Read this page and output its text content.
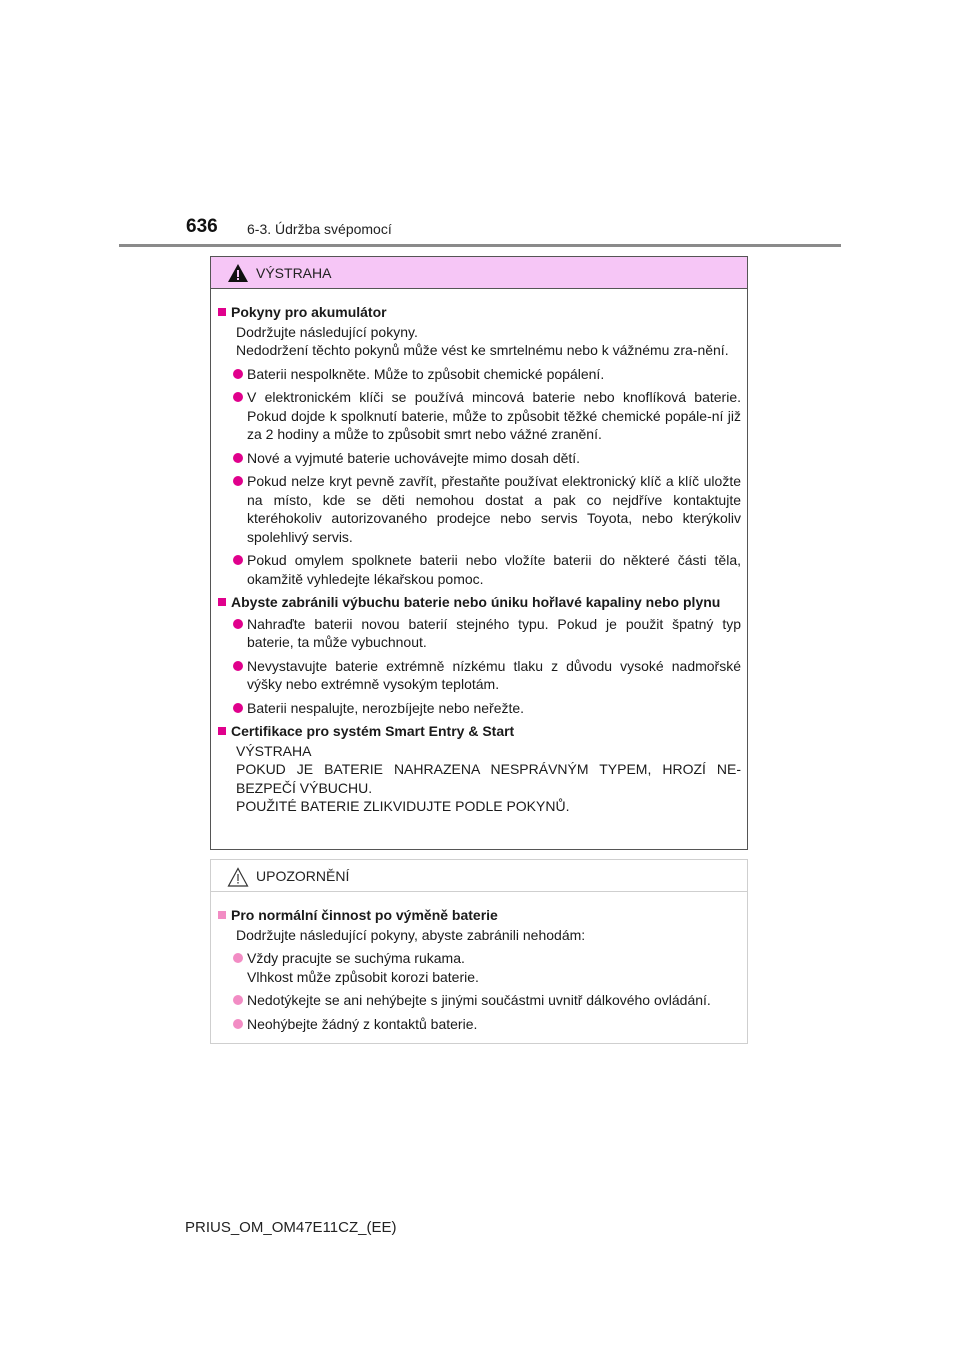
636 6-3. Údržba svépomocí
VÝSTRAHA
Pokyny pro akumulátor
Dodržujte následující pokyny.
Nedodržení těchto pokynů může vést ke smrtelnému nebo k vážnému zra-nění.
Baterii nespolkněte. Může to způsobit chemické popálení.
V elektronickém klíči se používá mincová baterie nebo knoflíková baterie. Pokud dojde k spolknutí baterie, může to způsobit těžké chemické popále-ní již za 2 hodiny a může to způsobit smrt nebo vážné zranění.
Nové a vyjmuté baterie uchovávejte mimo dosah dětí.
Pokud nelze kryt pevně zavřít, přestaňte používat elektronický klíč a klíč uložte na místo, kde se děti nemohou dostat a pak co nejdříve kontaktujte kteréhokoliv autorizovaného prodejce nebo servis Toyota, nebo kterýkoliv spolehlivý servis.
Pokud omylem spolknete baterii nebo vložíte baterii do některé části těla, okamžitě vyhledejte lékařskou pomoc.
Abyste zabránili výbuchu baterie nebo úniku hořlavé kapaliny nebo plynu
Nahraďte baterii novou baterií stejného typu. Pokud je použit špatný typ baterie, ta může vybuchnout.
Nevystavujte baterie extrémně nízkému tlaku z důvodu vysoké nadmořské výšky nebo extrémně vysokým teplotám.
Baterii nespalujte, nerozbíjejte nebo neřežte.
Certifikace pro systém Smart Entry & Start
VÝSTRAHA
POKUD JE BATERIE NAHRAZENA NESPRÁVNÝM TYPEM, HROZÍ NE-BEZPEČÍ VÝBUCHU.
POUŽITÉ BATERIE ZLIKVIDUJTE PODLE POKYNŮ.
UPOZORNĚNÍ
Pro normální činnost po výměně baterie
Dodržujte následující pokyny, abyste zabránili nehodám:
Vždy pracujte se suchýma rukama.
Vlhkost může způsobit korozi baterie.
Nedotýkejte se ani nehýbejte s jinými součástmi uvnitř dálkového ovládání.
Neohýbejte žádný z kontaktů baterie.
PRIUS_OM_OM47E11CZ_(EE)
